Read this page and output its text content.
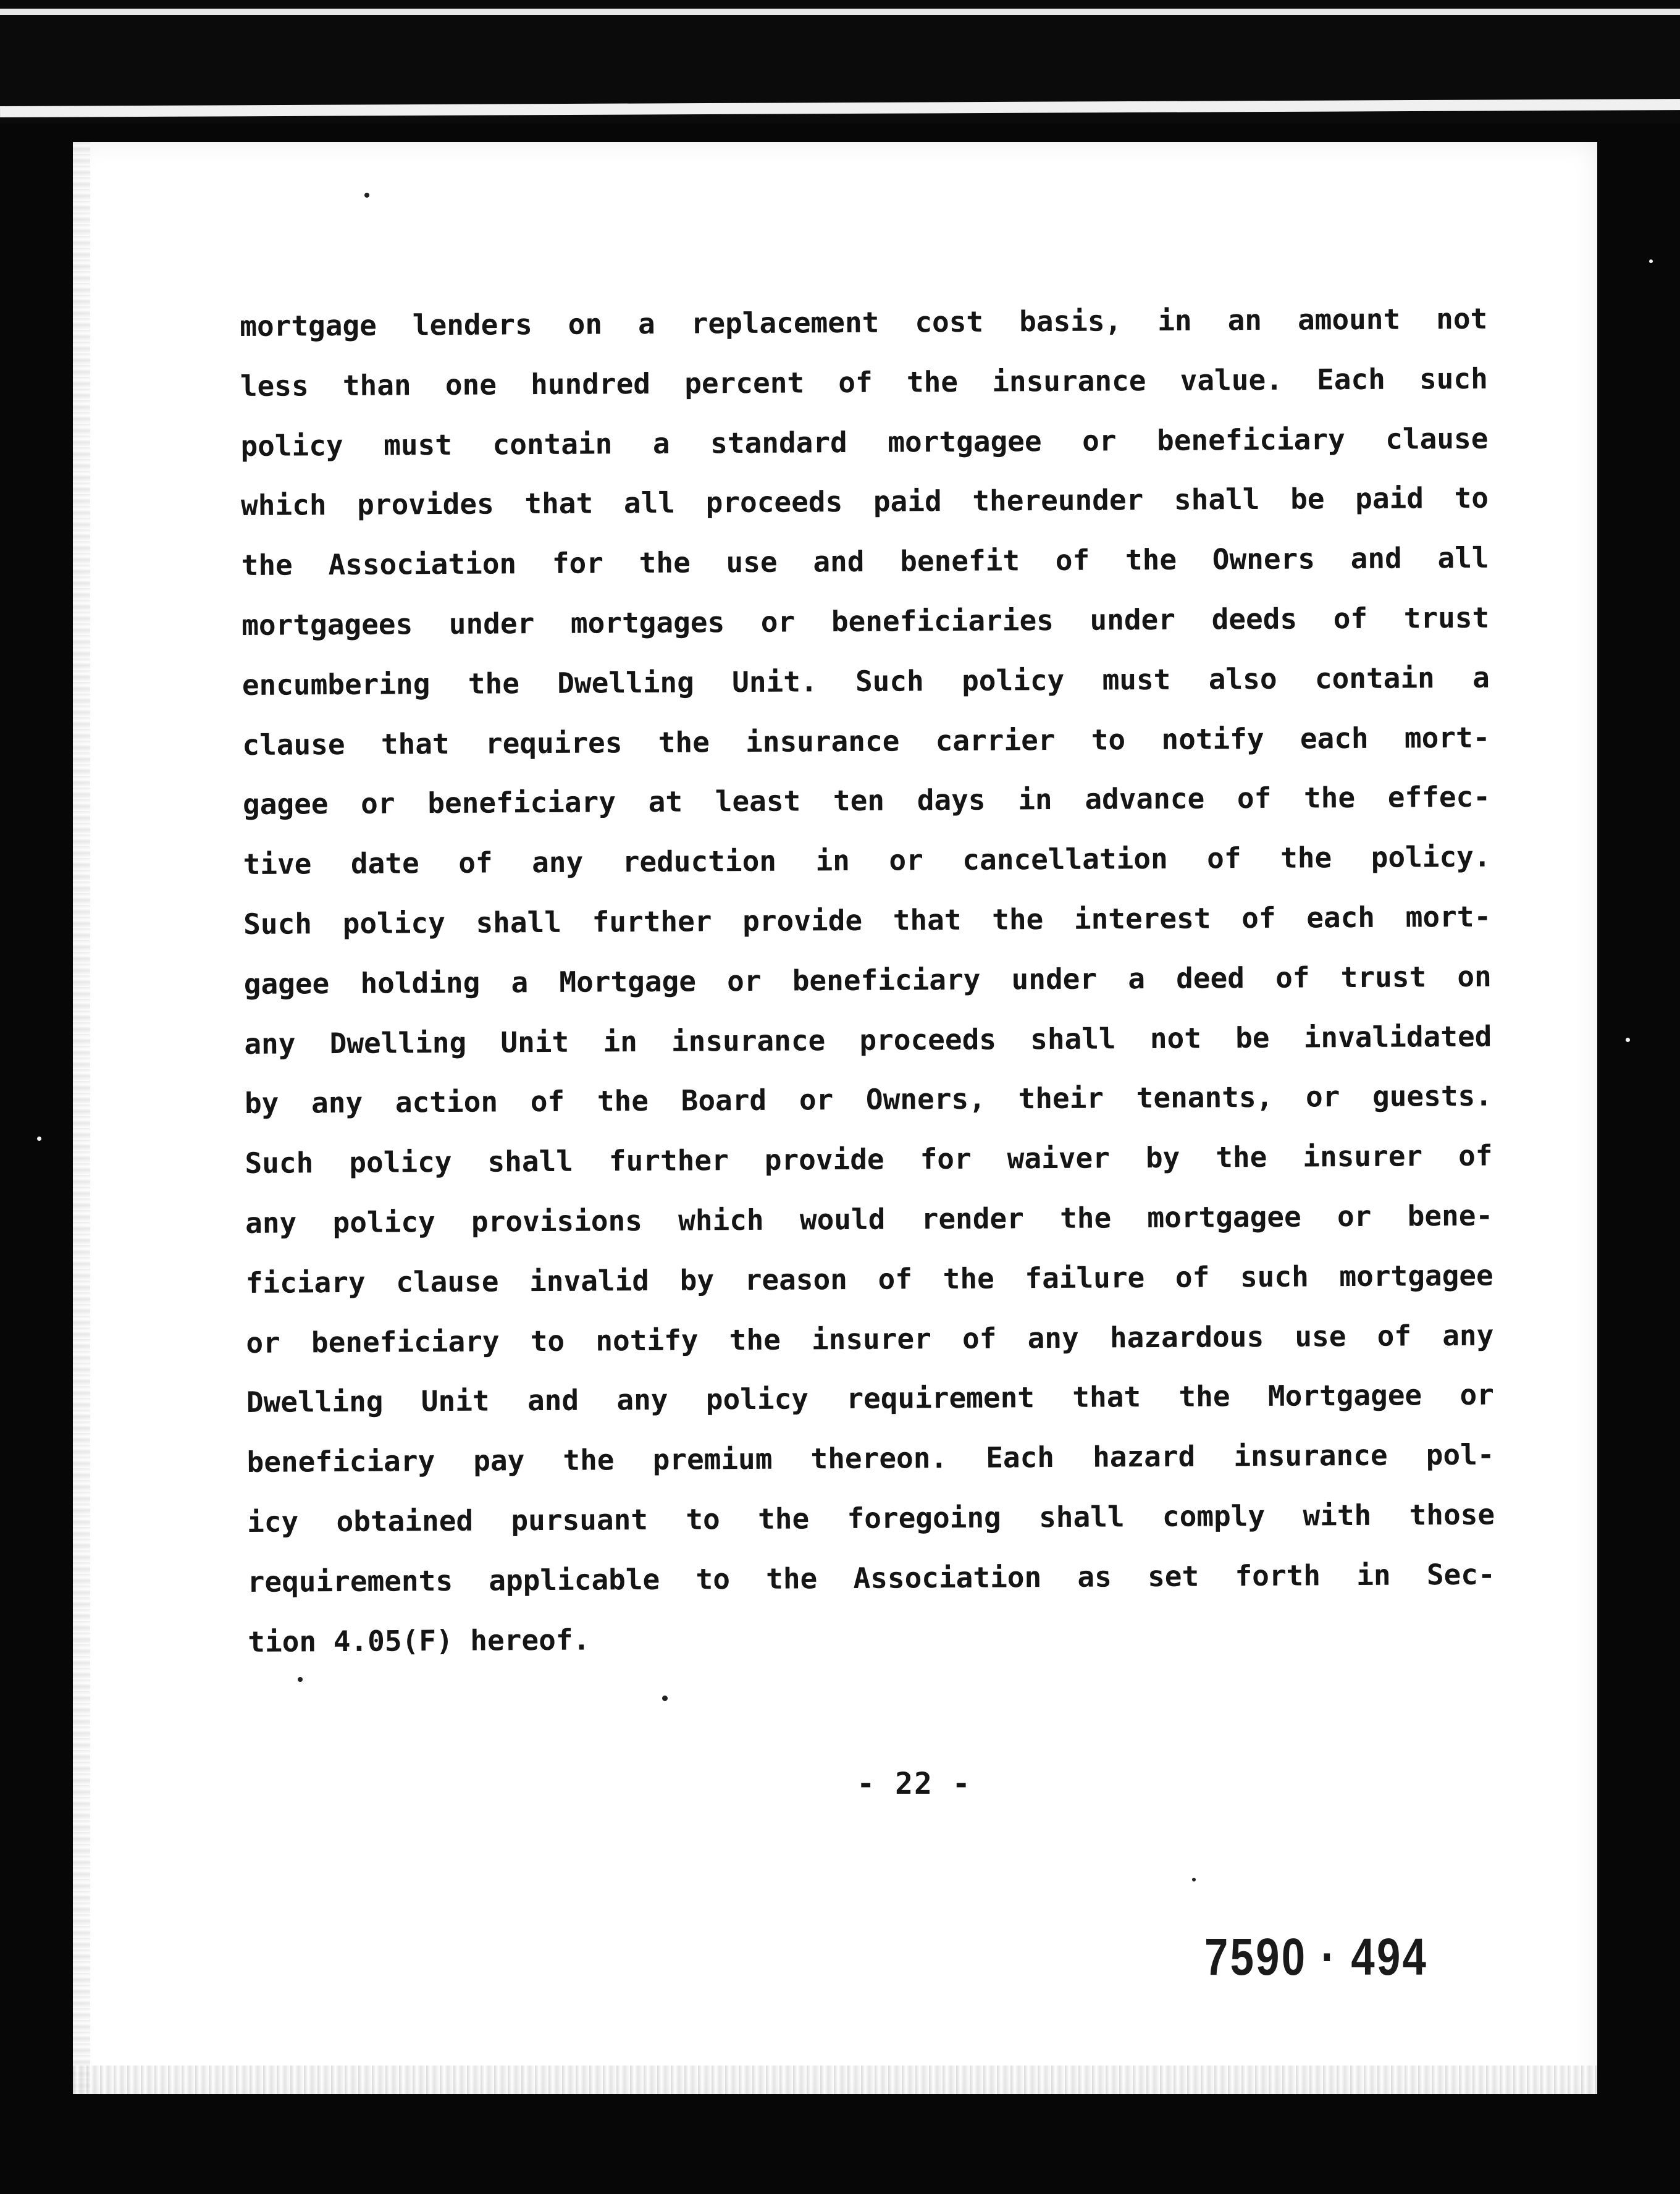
mortgage lenders on a replacement cost basis, in an amount not
less than one hundred percent of the insurance value. Each such
policy must contain a standard mortgagee or beneficiary clause
which provides that all proceeds paid thereunder shall be paid to
the Association for the use and benefit of the Owners and all
mortgagees under mortgages or beneficiaries under deeds of trust
encumbering the Dwelling Unit. Such policy must also contain a
clause that requires the insurance carrier to notify each mort-
gagee or beneficiary at least ten days in advance of the effec-
tive date of any reduction in or cancellation of the policy.
Such policy shall further provide that the interest of each mort-
gagee holding a Mortgage or beneficiary under a deed of trust on
any Dwelling Unit in insurance proceeds shall not be invalidated
by any action of the Board or Owners, their tenants, or guests.
Such policy shall further provide for waiver by the insurer of
any policy provisions which would render the mortgagee or bene-
ficiary clause invalid by reason of the failure of such mortgagee
or beneficiary to notify the insurer of any hazardous use of any
Dwelling Unit and any policy requirement that the Mortgagee or
beneficiary pay the premium thereon. Each hazard insurance pol-
icy obtained pursuant to the foregoing shall comply with those
requirements applicable to the Association as set forth in Sec-
tion 4.05(F) hereof.
- 22 -
7590 · 494
